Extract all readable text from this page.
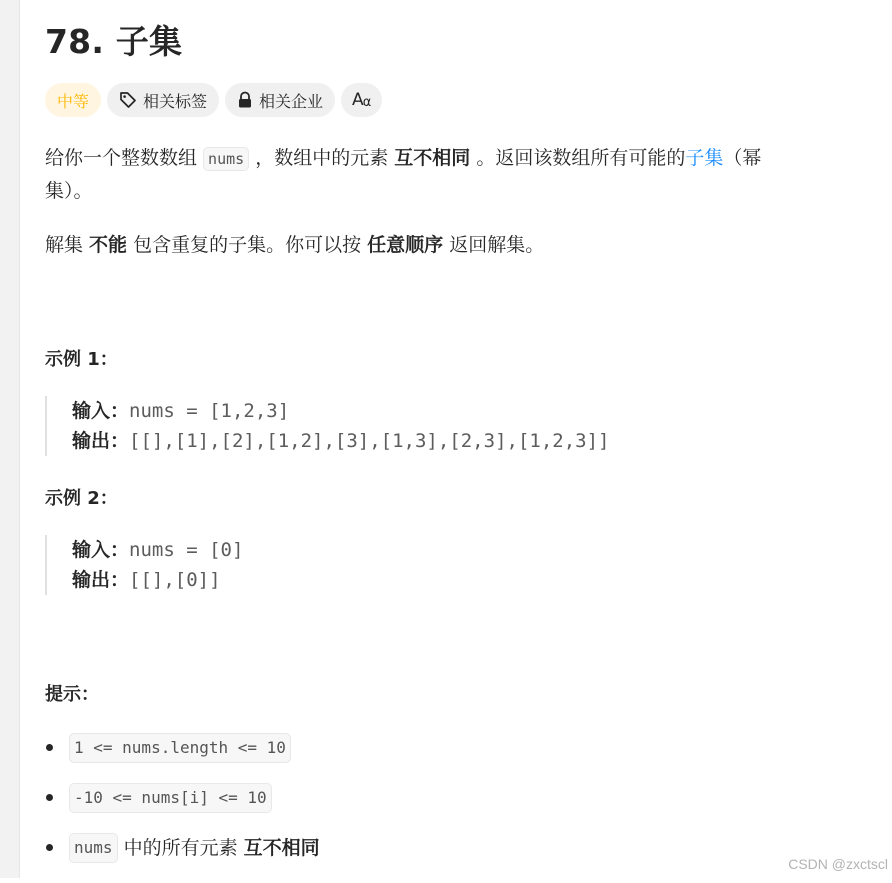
78. 子集
中等	相关标签	相关企业 A α

给你一个整数数组 nums ，数组中的元素 互不相同 。返回该数组所有可能的子集（幂
集）。

解集 不能 包含重复的子集。你可以按 任意顺序 返回解集。

示例 1：
输入：nums = [1,2,3]
输出：[[],[1],[2],[1,2],[3],[1,3],[2,3],[1,2,3]]
示例 2：
输入：nums = [0]
输出：[[],[0]]
提示：
1 <= nums.length <= 10
-10 <= nums[i] <= 10
nums 中的所有元素 互不相同
CSDN @zxctscl
